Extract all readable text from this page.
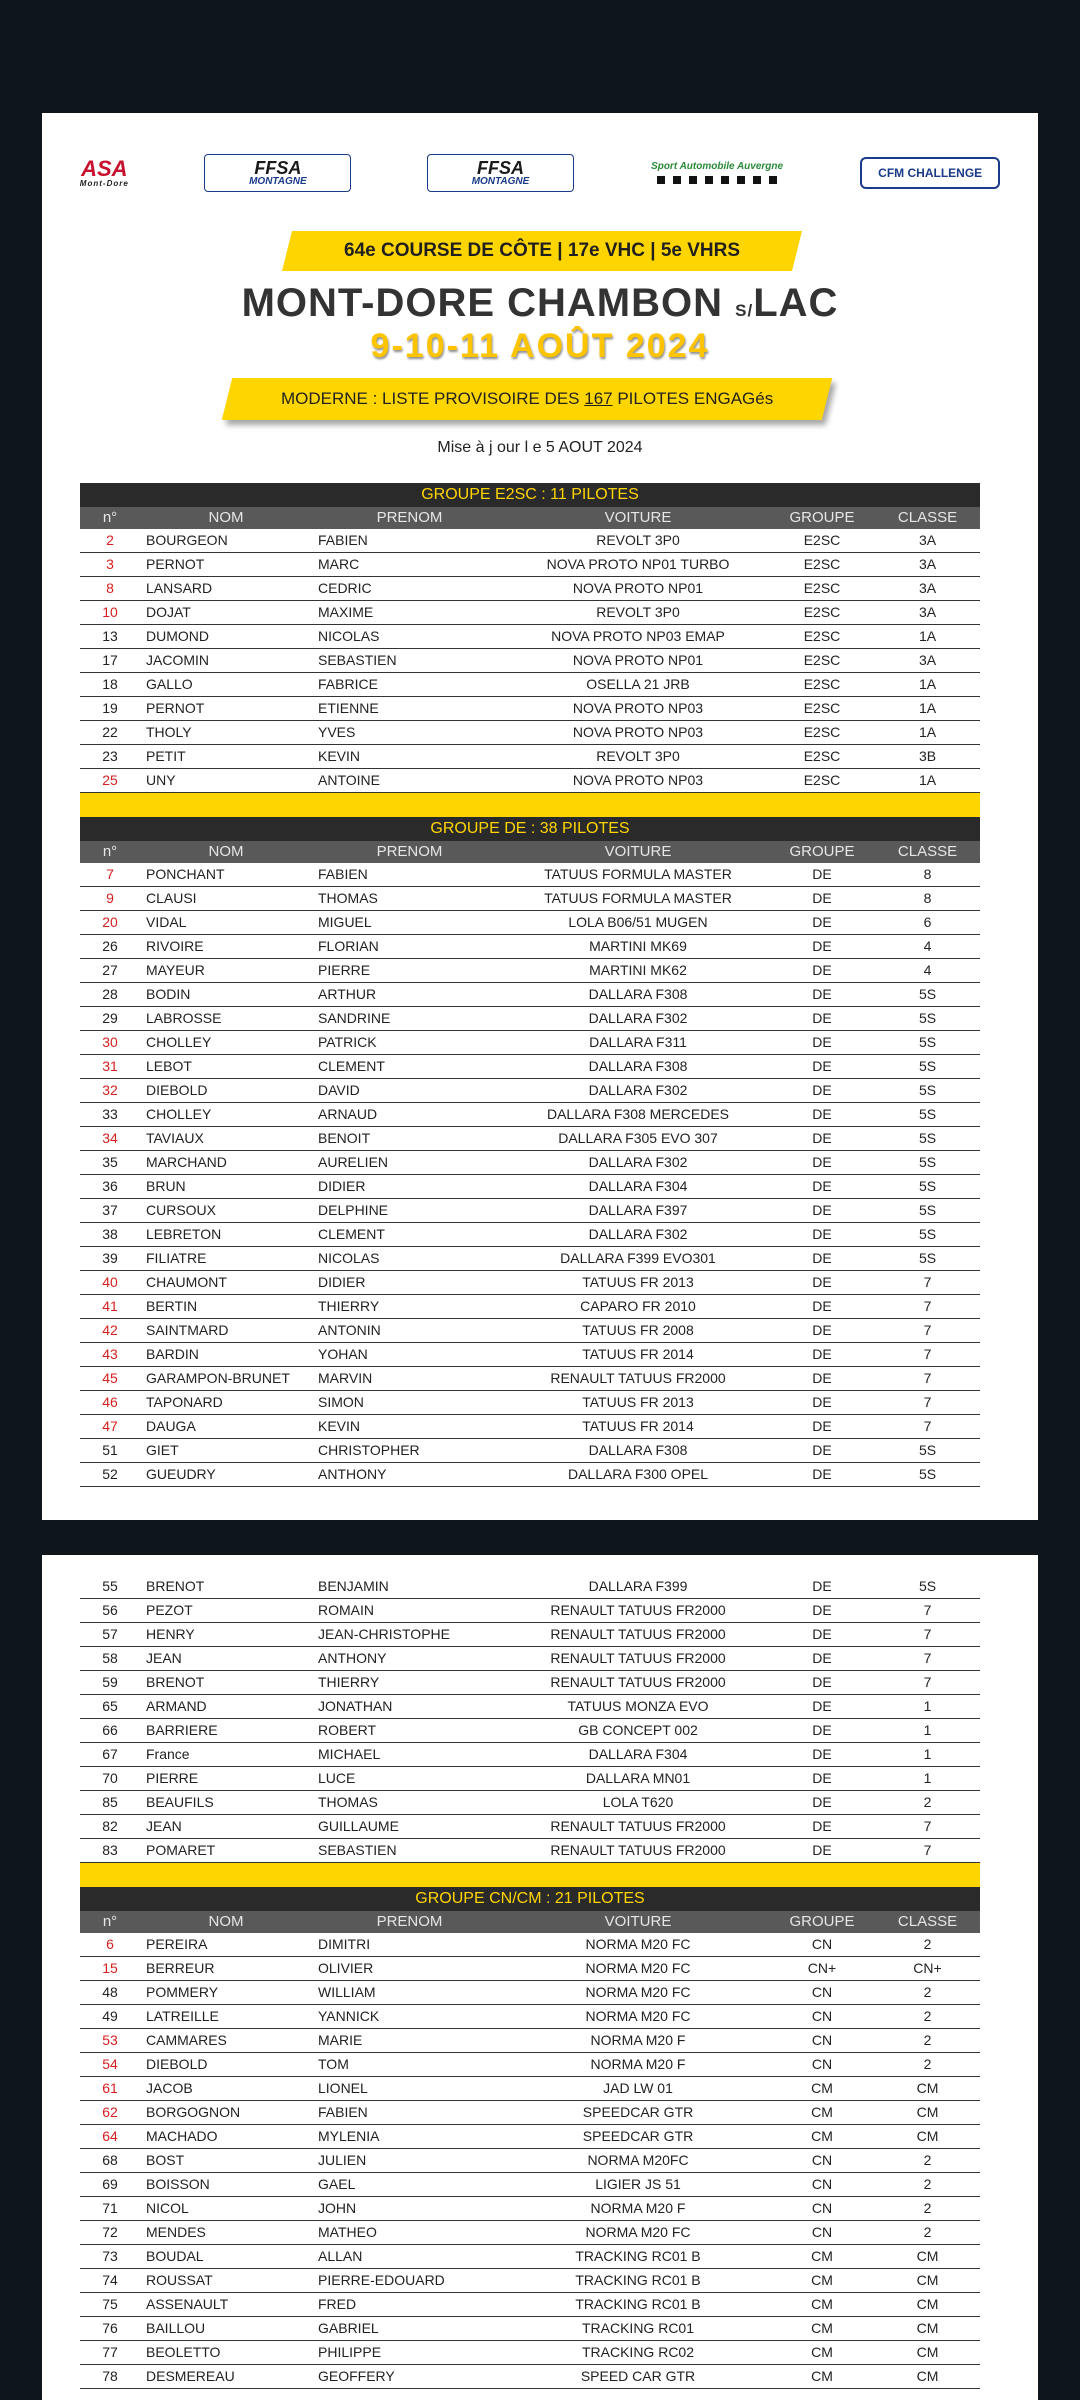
ASA
Mont-Dore
FFSA
MONTAGNE
FFSA
MONTAGNE
Sport Automobile Auvergne	CFM CHALLENGE
64e COURSE DE CÔTE | 17e VHC | 5e VHRS
MONT-DORE CHAMBON S/LAC
9-10-11 AOÛT 2024
MODERNE : LISTE PROVISOIRE DES 167 PILOTES ENGAGés
Mise à j our l e 5 AOUT 2024
GROUPE E2SC : 11 PILOTES
n°	NOM	PRENOM	VOITURE	GROUPE	CLASSE
2	BOURGEON	FABIEN	REVOLT 3P0	E2SC	3A
3	PERNOT	MARC	NOVA PROTO NP01 TURBO	E2SC	3A
8	LANSARD	CEDRIC	NOVA PROTO NP01	E2SC	3A
10	DOJAT	MAXIME	REVOLT 3P0	E2SC	3A
13	DUMOND	NICOLAS	NOVA PROTO NP03 EMAP	E2SC	1A
17	JACOMIN	SEBASTIEN	NOVA PROTO NP01	E2SC	3A
18	GALLO	FABRICE	OSELLA 21 JRB	E2SC	1A
19	PERNOT	ETIENNE	NOVA PROTO NP03	E2SC	1A
22	THOLY	YVES	NOVA PROTO NP03	E2SC	1A
23	PETIT	KEVIN	REVOLT 3P0	E2SC	3B
25	UNY	ANTOINE	NOVA PROTO NP03	E2SC	1A
GROUPE DE : 38 PILOTES
n°	NOM	PRENOM	VOITURE	GROUPE	CLASSE
7	PONCHANT	FABIEN	TATUUS FORMULA MASTER	DE	8
9	CLAUSI	THOMAS	TATUUS FORMULA MASTER	DE	8
20	VIDAL	MIGUEL	LOLA B06/51 MUGEN	DE	6
26	RIVOIRE	FLORIAN	MARTINI MK69	DE	4
27	MAYEUR	PIERRE	MARTINI MK62	DE	4
28	BODIN	ARTHUR	DALLARA F308	DE	5S
29	LABROSSE	SANDRINE	DALLARA F302	DE	5S
30	CHOLLEY	PATRICK	DALLARA F311	DE	5S
31	LEBOT	CLEMENT	DALLARA F308	DE	5S
32	DIEBOLD	DAVID	DALLARA F302	DE	5S
33	CHOLLEY	ARNAUD	DALLARA F308 MERCEDES	DE	5S
34	TAVIAUX	BENOIT	DALLARA F305 EVO 307	DE	5S
35	MARCHAND	AURELIEN	DALLARA F302	DE	5S
36	BRUN	DIDIER	DALLARA F304	DE	5S
37	CURSOUX	DELPHINE	DALLARA F397	DE	5S
38	LEBRETON	CLEMENT	DALLARA F302	DE	5S
39	FILIATRE	NICOLAS	DALLARA F399 EVO301	DE	5S
40	CHAUMONT	DIDIER	TATUUS FR 2013	DE	7
41	BERTIN	THIERRY	CAPARO FR 2010	DE	7
42	SAINTMARD	ANTONIN	TATUUS FR 2008	DE	7
43	BARDIN	YOHAN	TATUUS FR 2014	DE	7
45	GARAMPON-BRUNET	MARVIN	RENAULT TATUUS FR2000	DE	7
46	TAPONARD	SIMON	TATUUS FR 2013	DE	7
47	DAUGA	KEVIN	TATUUS FR 2014	DE	7
51	GIET	CHRISTOPHER	DALLARA F308	DE	5S
52	GUEUDRY	ANTHONY	DALLARA F300 OPEL	DE	5S
55	BRENOT	BENJAMIN	DALLARA F399	DE	5S
56	PEZOT	ROMAIN	RENAULT TATUUS FR2000	DE	7
57	HENRY	JEAN-CHRISTOPHE	RENAULT TATUUS FR2000	DE	7
58	JEAN	ANTHONY	RENAULT TATUUS FR2000	DE	7
59	BRENOT	THIERRY	RENAULT TATUUS FR2000	DE	7
65	ARMAND	JONATHAN	TATUUS MONZA EVO	DE	1
66	BARRIERE	ROBERT	GB CONCEPT 002	DE	1
67	France	MICHAEL	DALLARA F304	DE	1
70	PIERRE	LUCE	DALLARA MN01	DE	1
85	BEAUFILS	THOMAS	LOLA T620	DE	2
82	JEAN	GUILLAUME	RENAULT TATUUS FR2000	DE	7
83	POMARET	SEBASTIEN	RENAULT TATUUS FR2000	DE	7
GROUPE CN/CM : 21 PILOTES
n°	NOM	PRENOM	VOITURE	GROUPE	CLASSE
6	PEREIRA	DIMITRI	NORMA M20 FC	CN	2
15	BERREUR	OLIVIER	NORMA M20 FC	CN+	CN+
48	POMMERY	WILLIAM	NORMA M20 FC	CN	2
49	LATREILLE	YANNICK	NORMA M20 FC	CN	2
53	CAMMARES	MARIE	NORMA M20 F	CN	2
54	DIEBOLD	TOM	NORMA M20 F	CN	2
61	JACOB	LIONEL	JAD LW 01	CM	CM
62	BORGOGNON	FABIEN	SPEEDCAR GTR	CM	CM
64	MACHADO	MYLENIA	SPEEDCAR GTR	CM	CM
68	BOST	JULIEN	NORMA M20FC	CN	2
69	BOISSON	GAEL	LIGIER JS 51	CN	2
71	NICOL	JOHN	NORMA M20 F	CN	2
72	MENDES	MATHEO	NORMA M20 FC	CN	2
73	BOUDAL	ALLAN	TRACKING RC01 B	CM	CM
74	ROUSSAT	PIERRE-EDOUARD	TRACKING RC01 B	CM	CM
75	ASSENAULT	FRED	TRACKING RC01 B	CM	CM
76	BAILLOU	GABRIEL	TRACKING RC01	CM	CM
77	BEOLETTO	PHILIPPE	TRACKING RC02	CM	CM
78	DESMEREAU	GEOFFERY	SPEED CAR GTR	CM	CM
